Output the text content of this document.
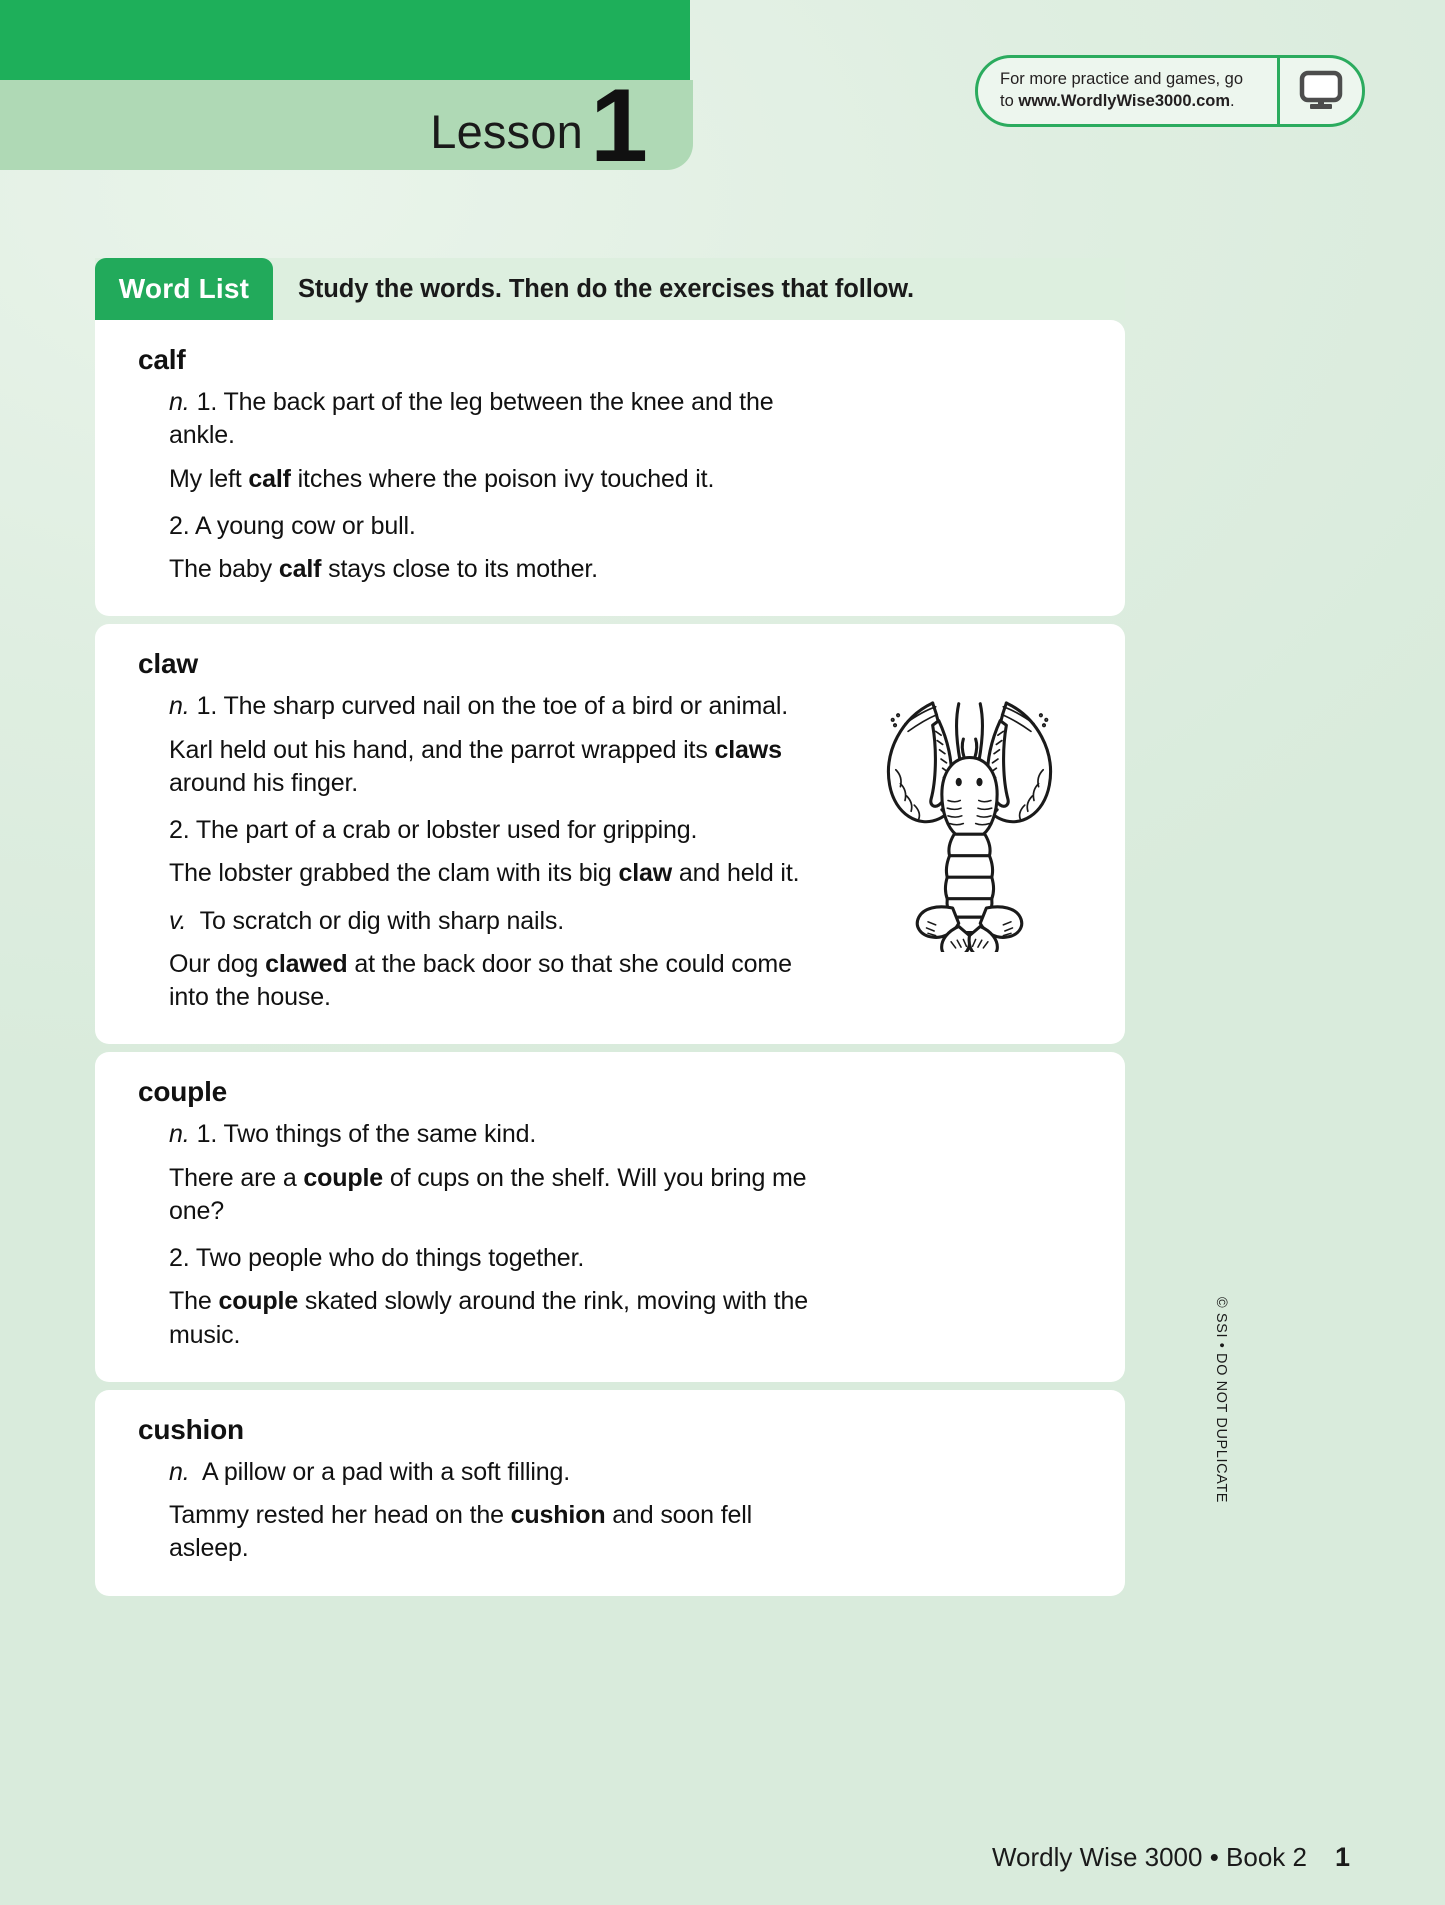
Lesson 1	For more practice and games, go
to www.WordlyWise3000.com.
Word List	Study the words. Then do the exercises that follow.
calf
n. 1. The back part of the leg between the knee and the ankle.
My left calf itches where the poison ivy touched it.
2. A young cow or bull.
The baby calf stays close to its mother.
claw
n. 1. The sharp curved nail on the toe of a bird or animal.
Karl held out his hand, and the parrot wrapped its claws around his finger.
2. The part of a crab or lobster used for gripping.
The lobster grabbed the clam with its big claw and held it.
v. To scratch or dig with sharp nails.
Our dog clawed at the back door so that she could come into the house.
couple
n. 1. Two things of the same kind.
There are a couple of cups on the shelf. Will you bring me one?
2. Two people who do things together.
The couple skated slowly around the rink, moving with the music.
cushion
n. A pillow or a pad with a soft filling.
Tammy rested her head on the cushion and soon fell asleep.
Wordly Wise 3000 • Book 2 1
© SSI • DO NOT DUPLICATE
